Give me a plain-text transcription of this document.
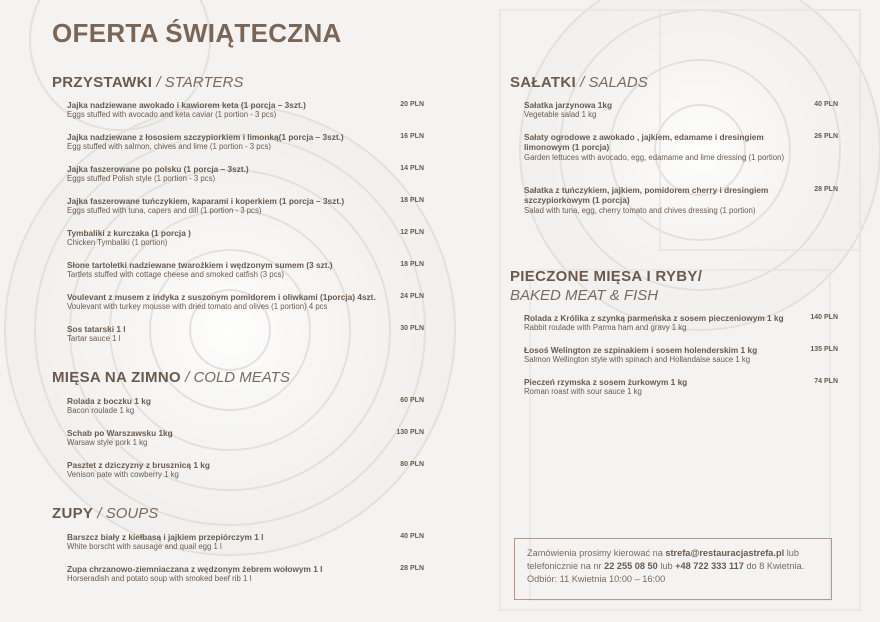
OFERTA ŚWIĄTECZNA
PRZYSTAWKI / STARTERS
Jajka nadziewane awokado i kawiorem keta (1 porcja – 3szt.)
Eggs stuffed with avocado and keta caviar (1 portion - 3 pcs)
20 PLN
Jajka nadziewane z łososiem szczypiorkiem i limonką(1 porcja – 3szt.)
Egg stuffed with salmon, chives and lime (1 portion - 3 pcs)
16 PLN
Jajka faszerowane po polsku (1 porcja – 3szt.)
Eggs stuffed Polish style (1 portion - 3 pcs)
14 PLN
Jajka faszerowane tuńczykiem, kaparami i koperkiem (1 porcja – 3szt.)
Eggs stuffed with tuna, capers and dill (1 portion - 3 pcs)
18 PLN
Tymbaliki z kurczaka (1 porcja )
Chicken Tymbaliki (1 portion)
12 PLN
Słone tartoletki nadziewane twarożkiem i wędzonym sumem (3 szt.)
Tartlets stuffed with cottage cheese and smoked catfish (3 pcs)
18 PLN
Voulevant z musem z indyka z suszonym pomidorem i oliwkami (1porcja) 4szt.
Voulevant with turkey mousse with dried tomato and olives (1 portion) 4 pcs
24 PLN
Sos tatarski 1 l
Tartar sauce 1 l
30 PLN
MIĘSA NA ZIMNO / COLD MEATS
Rolada z boczku 1 kg
Bacon roulade 1 kg
60 PLN
Schab po Warszawsku 1kg
Warsaw style pork 1 kg
130 PLN
Pasztet z dziczyzny z brusznicą 1 kg
Venison pate with cowberry 1 kg
80 PLN
ZUPY / SOUPS
Barszcz biały z kiełbasą i jajkiem przepiórczym 1 l
White borscht with sausage and quail egg 1 l
40 PLN
Zupa chrzanowo-ziemniaczana z wędzonym żebrem wołowym 1 l
Horseradish and potato soup with smoked beef rib 1 l
28 PLN
SAŁATKI / SALADS
Sałatka jarzynowa 1kg
Vegetable salad 1 kg
40 PLN
Sałaty ogrodowe z awokado , jajkiem, edamame i dresingiem limonowym (1 porcja)
Garden lettuces with avocado, egg, edamame and lime dressing (1 portion)
26 PLN
Sałatka z tuńczykiem, jajkiem, pomidorem cherry i dresingiem szczypiorkowym (1 porcja)
Salad with tuna, egg, cherry tomato and chives dressing (1 portion)
28 PLN
PIECZONE MIĘSA I RYBY/
BAKED MEAT & FISH
Rolada z Królika z szynką parmeńska z sosem pieczeniowym 1 kg
Rabbit roulade with Parma ham and gravy 1 kg
140 PLN
Łosoś Welington ze szpinakiem i sosem holenderskim 1 kg
Salmon Wellington style with spinach and Hollandaise sauce 1 kg
135 PLN
Pieczeń rzymska z sosem żurkowym 1 kg
Roman roast with sour sauce 1 kg
74 PLN
Zamówienia prosimy kierować na strefa@restauracjastrefa.pl lub telefonicznie na nr 22 255 08 50 lub +48 722 333 117 do 8 Kwietnia.
Odbiór: 11 Kwietnia 10:00 – 16:00
